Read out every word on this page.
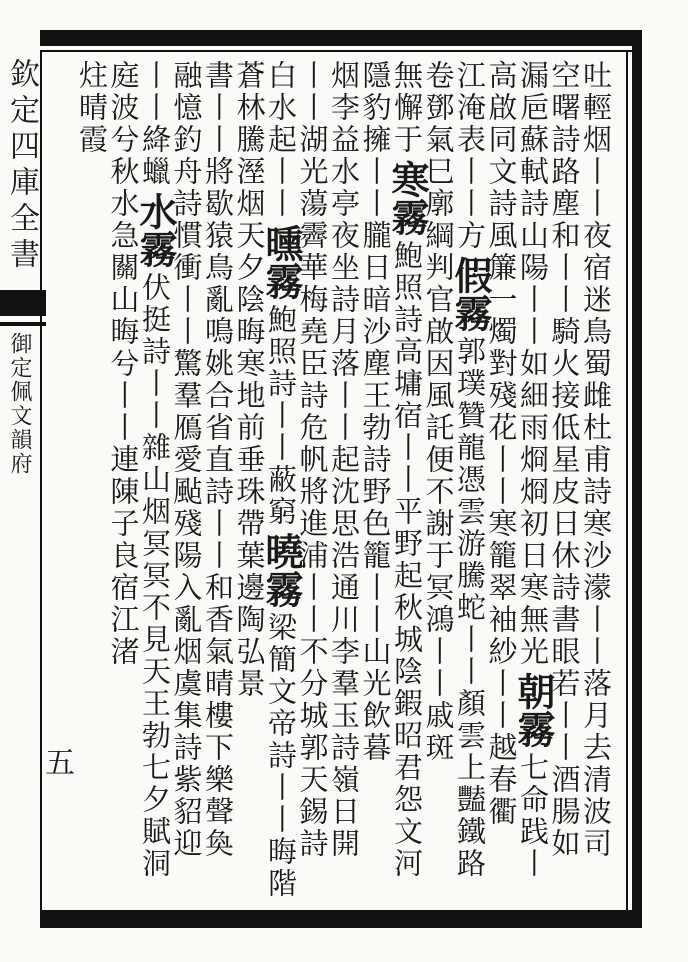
欽定四庫全書
御定佩文韻府
五	吐輕烟丨丨夜宿迷鳥蜀雌杜甫詩寒沙濛丨丨落月去清波司
空曙詩路塵和丨丨騎火接低星皮日休詩書眼若丨丨酒腸如
漏巵蘇軾詩山陽丨丨如細雨烱烱初日寒無光朝霧七命践丨
高啟同文詩風簾一燭對殘花丨丨寒籠翠袖紗丨丨越春衢
江淹表丨丨方假霧郭璞贊龍憑雲游騰蛇丨丨顏雲上豔鐵路
卷鄧氣巳廓綱判官啟因風託便不謝于冥鴻丨丨戚斑
無懈于寒霧鮑照詩高墉宿丨丨平野起秋城陰鍜昭君怨文河
隱豹擁丨丨朧日暗沙塵王勃詩野色籠丨丨山光飲暮
烟李益水亭夜坐詩月落丨丨起沈思浩通川李羣玉詩嶺日開
丨丨湖光蕩霽華梅堯臣詩危帆將進浦丨丨不分城郭天錫詩
白水起丨丨曛霧鮑照詩丨丨蔽窮曉霧梁簡文帝詩丨丨晦階
蒼林騰溼烟天夕陰晦寒地前垂珠帶葉邊陶弘景
書丨丨將歇猿鳥亂鳴姚合省直詩丨丨和香氣晴樓下樂聲奐
融憶釣舟詩慣衝丨丨驚羣鴈愛颭殘陽入亂烟虞集詩紫貂迎
丨丨絳蠟水霧伏挺詩丨丨雜山烟冥冥不見天王勃七夕賦洞
庭波兮秋水急關山晦兮丨丨連陳子良宿江渚
炷晴霞
